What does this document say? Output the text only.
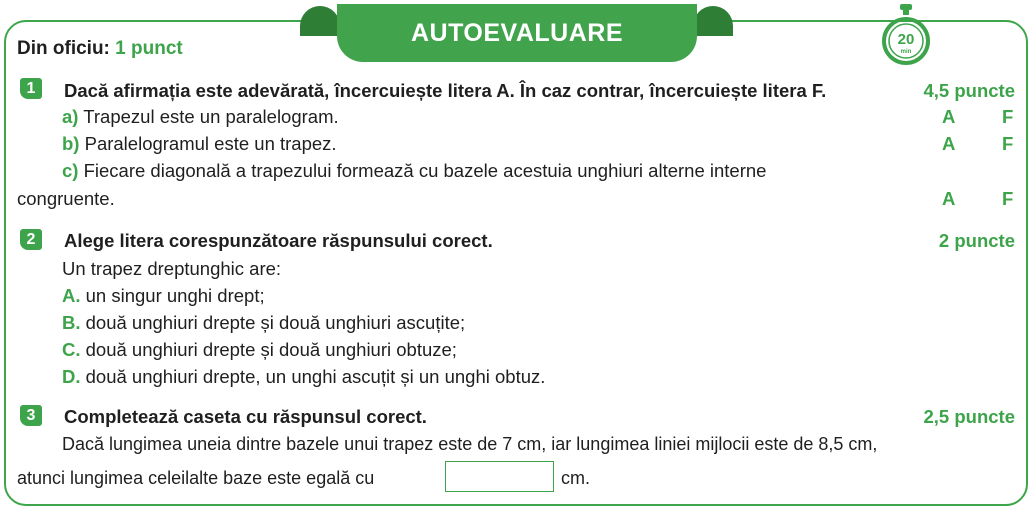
AUTOEVALUARE	20
min
Din oficiu: 1 punct
1	Dacă afirmația este adevărată, încercuiește litera A. În caz contrar, încercuiește litera F.	4,5 puncte
a) Trapezul este un paralelogram.	A	F
b) Paralelogramul este un trapez.	A	F
c) Fiecare diagonală a trapezului formează cu bazele acestuia unghiuri alterne interne
congruente.	A	F
2	Alege litera corespunzătoare răspunsului corect.	2 puncte
Un trapez dreptunghic are:
A. un singur unghi drept;
B. două unghiuri drepte și două unghiuri ascuțite;
C. două unghiuri drepte și două unghiuri obtuze;
D. două unghiuri drepte, un unghi ascuțit și un unghi obtuz.
3	Completează caseta cu răspunsul corect.	2,5 puncte
Dacă lungimea uneia dintre bazele unui trapez este de 7 cm, iar lungimea liniei mijlocii este de 8,5 cm,
atunci lungimea celeilalte baze este egală cu	cm.
